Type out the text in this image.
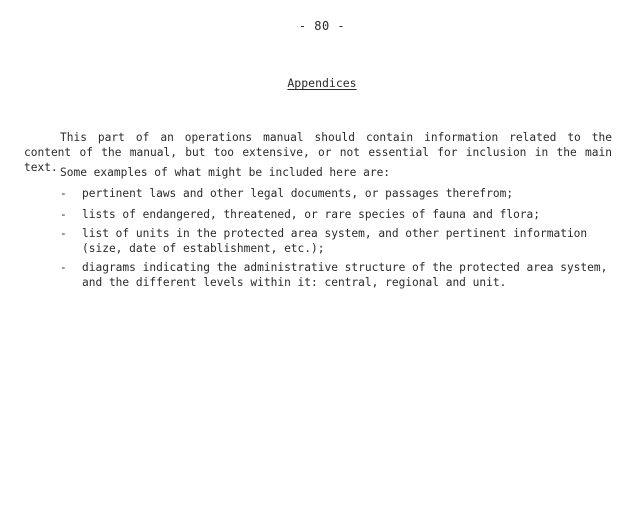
- 80 -
Appendices

This part of an operations manual should contain information related to the content of the manual, but too extensive, or not essential for inclusion in the main text. Some examples of what might be included here are:

- pertinent laws and other legal documents, or passages therefrom;
- lists of endangered, threatened, or rare species of fauna and flora;
- list of units in the protected area system, and other pertinent information
(size, date of establishment, etc.);
- diagrams indicating the administrative structure of the protected area system,
and the different levels within it: central, regional and unit.
